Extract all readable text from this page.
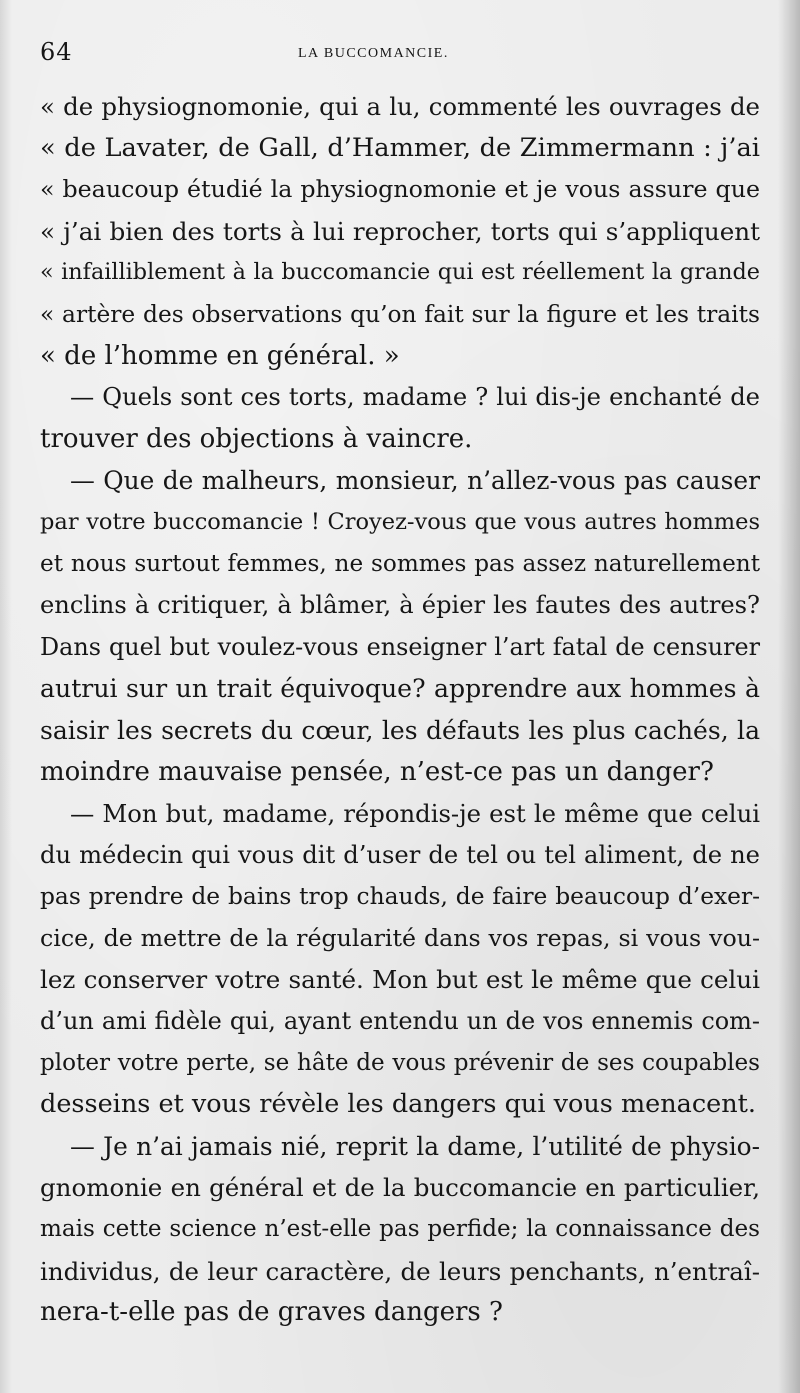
64	LA BUCCOMANCIE.
« de physiognomonie, qui a lu, commenté les ouvrages de
« de Lavater, de Gall, d’Hammer, de Zimmermann : j’ai
« beaucoup étudié la physiognomonie et je vous assure que
« j’ai bien des torts à lui reprocher, torts qui s’appliquent
« infailliblement à la buccomancie qui est réellement la grande
« artère des observations qu’on fait sur la figure et les traits
« de l’homme en général. »
— Quels sont ces torts, madame ? lui dis-je enchanté de
trouver des objections à vaincre.
— Que de malheurs, monsieur, n’allez-vous pas causer
par votre buccomancie ! Croyez-vous que vous autres hommes
et nous surtout femmes, ne sommes pas assez naturellement
enclins à critiquer, à blâmer, à épier les fautes des autres?
Dans quel but voulez-vous enseigner l’art fatal de censurer
autrui sur un trait équivoque? apprendre aux hommes à
saisir les secrets du cœur, les défauts les plus cachés, la
moindre mauvaise pensée, n’est-ce pas un danger?
— Mon but, madame, répondis-je est le même que celui
du médecin qui vous dit d’user de tel ou tel aliment, de ne
pas prendre de bains trop chauds, de faire beaucoup d’exer-
cice, de mettre de la régularité dans vos repas, si vous vou-
lez conserver votre santé. Mon but est le même que celui
d’un ami fidèle qui, ayant entendu un de vos ennemis com-
ploter votre perte, se hâte de vous prévenir de ses coupables
desseins et vous révèle les dangers qui vous menacent.
— Je n’ai jamais nié, reprit la dame, l’utilité de physio-
gnomonie en général et de la buccomancie en particulier,
mais cette science n’est-elle pas perfide; la connaissance des
individus, de leur caractère, de leurs penchants, n’entraî-
nera-t-elle pas de graves dangers ?
